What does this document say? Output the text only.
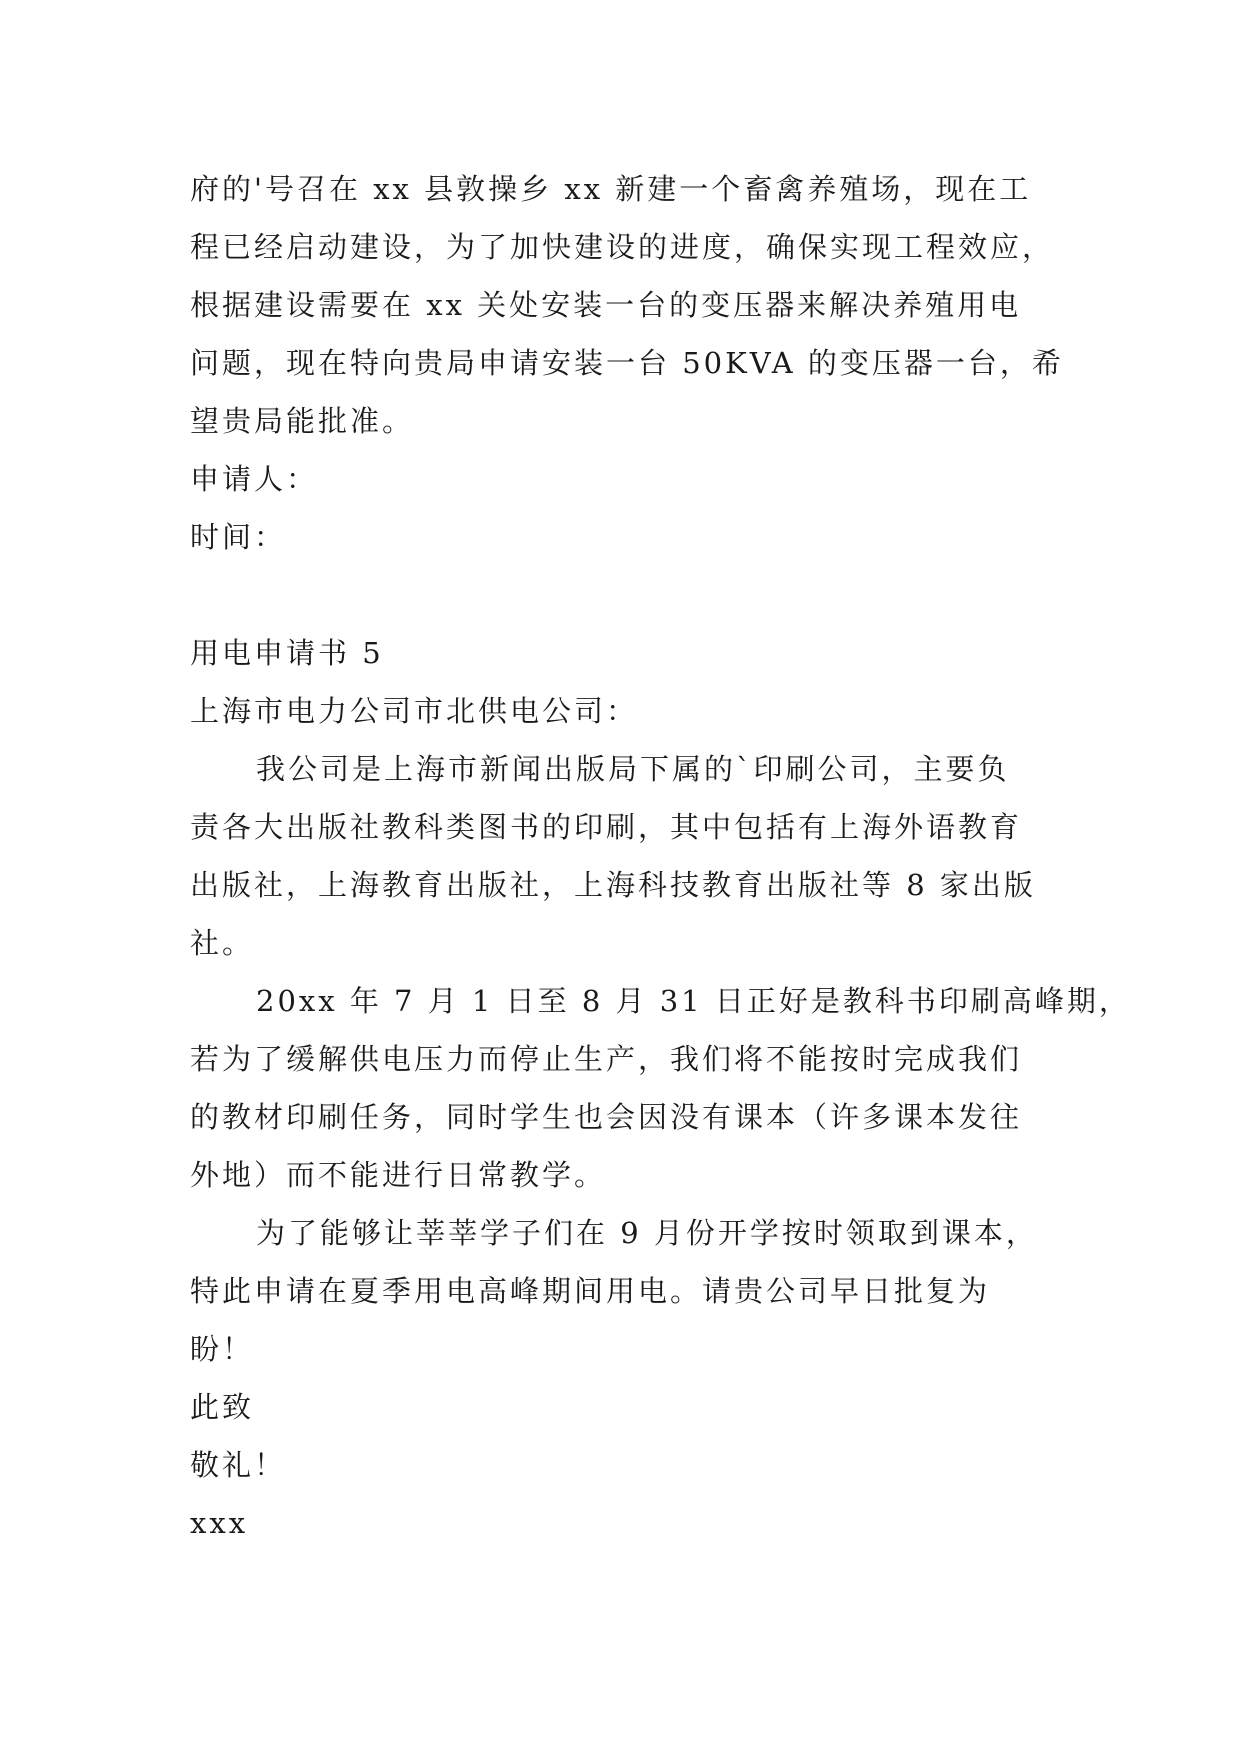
府的'号召在 xx 县敦操乡 xx 新建一个畜禽养殖场，现在工
程已经启动建设，为了加快建设的进度，确保实现工程效应，
根据建设需要在 xx 关处安装一台的变压器来解决养殖用电
问题，现在特向贵局申请安装一台 50KVA 的变压器一台，希
望贵局能批准。
申请人：
时间：
用电申请书 5
上海市电力公司市北供电公司：
我公司是上海市新闻出版局下属的`印刷公司，主要负
责各大出版社教科类图书的印刷，其中包括有上海外语教育
出版社，上海教育出版社，上海科技教育出版社等 8 家出版
社。
20xx 年 7 月 1 日至 8 月 31 日正好是教科书印刷高峰期，
若为了缓解供电压力而停止生产，我们将不能按时完成我们
的教材印刷任务，同时学生也会因没有课本（许多课本发往
外地）而不能进行日常教学。
为了能够让莘莘学子们在 9 月份开学按时领取到课本，
特此申请在夏季用电高峰期间用电。请贵公司早日批复为
盼！
此致
敬礼！
xxx
